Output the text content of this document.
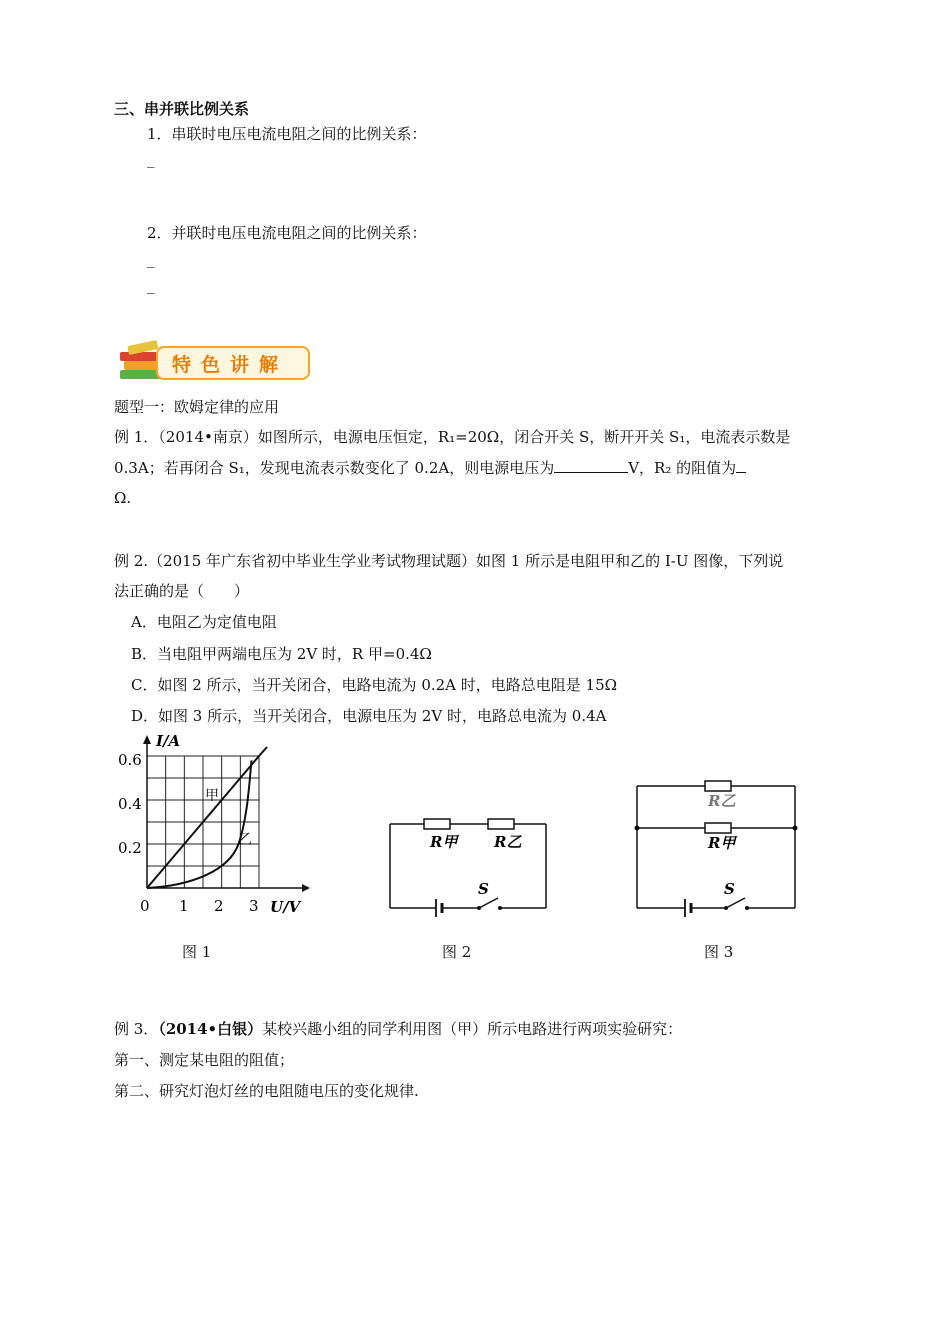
三、串并联比例关系
1．串联时电压电流电阻之间的比例关系：
_
2．并联时电压电流电阻之间的比例关系：
_
_
特色讲解
题型一：欧姆定律的应用
例 1．（2014•南京）如图所示，电源电压恒定，R₁=20Ω，闭合开关 S，断开开关 S₁，电流表示数是
0.3A；若再闭合 S₁，发现电流表示数变化了 0.2A，则电源电压为	V，R₂ 的阻值为
Ω.
例 2.（2015 年广东省初中毕业生学业考试物理试题）如图 1 所示是电阻甲和乙的 I-U 图像，下列说
法正确的是（　　）
A．电阻乙为定值电阻
B．当电阻甲两端电压为 2V 时，R 甲=0.4Ω
C．如图 2 所示，当开关闭合，电路电流为 0.2A 时，电路总电阻是 15Ω
D．如图 3 所示，当开关闭合，电源电压为 2V 时，电路总电流为 0.4A
I/A
U/V
0.6
0.4
0.2
0 1 2 3
甲
乙
图 1
R甲 R乙
S
图 2
R乙
R甲
S
图 3
例 3．（2014•白银）某校兴趣小组的同学利用图（甲）所示电路进行两项实验研究：
第一、测定某电阻的阻值；
第二、研究灯泡灯丝的电阻随电压的变化规律.
